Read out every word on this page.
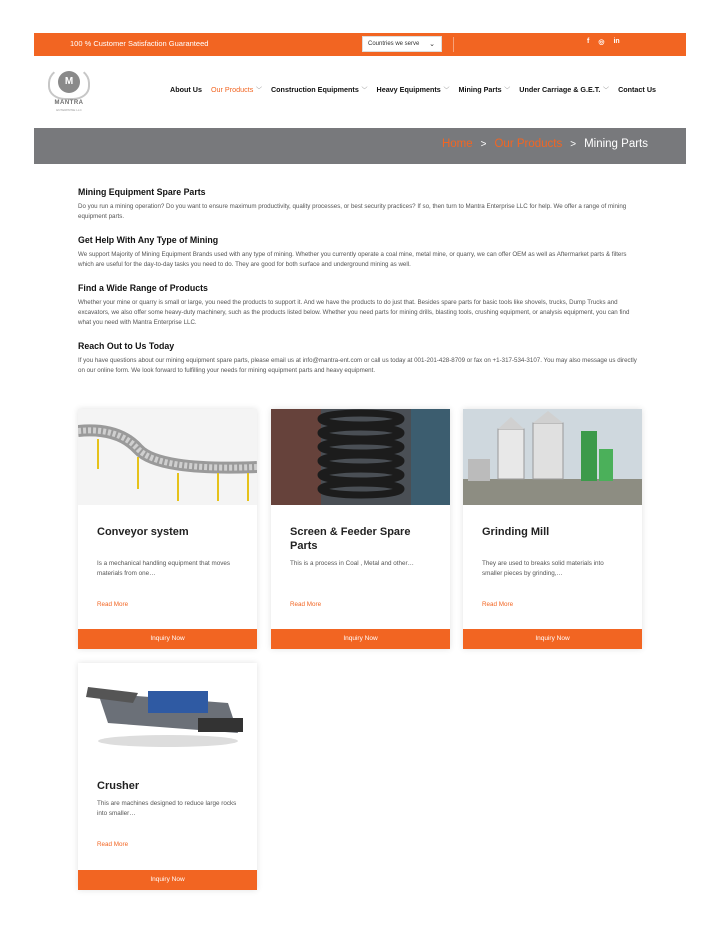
100 % Customer Satisfaction Guaranteed	Countries we serve ⌄	f ◎ in
M
MANTRA
ENTERPRISE LLC
About Us Our Products ﹀ Construction Equipments ﹀ Heavy Equipments ﹀ Mining Parts ﹀ Under Carriage & G.E.T. ﹀ Contact Us
Home > Our Products > Mining Parts
Mining Equipment Spare Parts

Do you run a mining operation? Do you want to ensure maximum productivity, quality processes, or best security practices? If so, then turn to Mantra Enterprise LLC for help. We offer a range of mining equipment parts.

Get Help With Any Type of Mining

We support Majority of Mining Equipment Brands used with any type of mining. Whether you currently operate a coal mine, metal mine, or quarry, we can offer OEM as well as Aftermarket parts & filters which are useful for the day-to-day tasks you need to do. They are good for both surface and underground mining as well.

Find a Wide Range of Products

Whether your mine or quarry is small or large, you need the products to support it. And we have the products to do just that. Besides spare parts for basic tools like shovels, trucks, Dump Trucks and excavators, we also offer some heavy-duty machinery, such as the products listed below. Whether you need parts for mining drills, blasting tools, crushing equipment, or analysis equipment, you can find what you need with Mantra Enterprise LLC.

Reach Out to Us Today

If you have questions about our mining equipment spare parts, please email us at info@mantra-ent.com or call us today at 001-201-428-8709 or fax on +1-317-534-3107. You may also message us directly on our online form. We look forward to fulfilling your needs for mining equipment parts and heavy equipment.

Conveyor system
Is a mechanical handling equipment that moves materials from one…
Read More
Inquiry Now
Screen & Feeder Spare Parts
This is a process in Coal , Metal and other…
Read More
Inquiry Now
Grinding Mill
They are used to breaks solid materials into smaller pieces by grinding,…
Read More
Inquiry Now
Crusher
This are machines designed to reduce large rocks into smaller…
Read More
Inquiry Now
